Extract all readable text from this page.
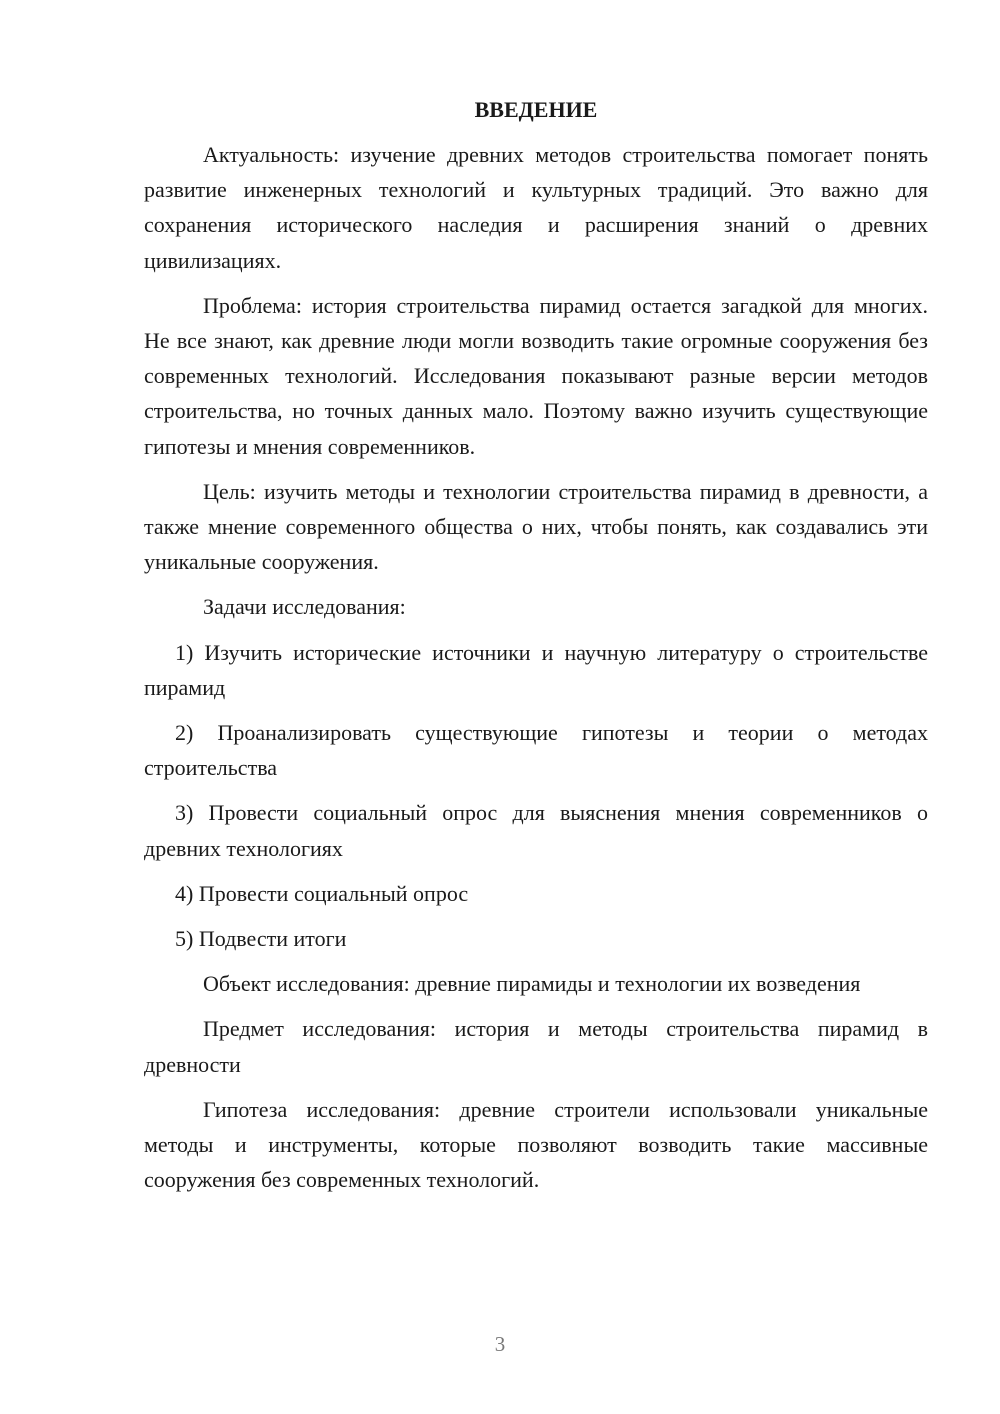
ВВЕДЕНИЕ

Актуальность: изучение древних методов строительства помогает понять развитие инженерных технологий и культурных традиций. Это важно для сохранения исторического наследия и расширения знаний о древних цивилизациях.

Проблема: история строительства пирамид остается загадкой для многих. Не все знают, как древние люди могли возводить такие огромные сооружения без современных технологий. Исследования показывают разные версии методов строительства, но точных данных мало. Поэтому важно изучить существующие гипотезы и мнения современников.

Цель: изучить методы и технологии строительства пирамид в древности, а также мнение современного общества о них, чтобы понять, как создавались эти уникальные сооружения.

Задачи исследования:

1) Изучить исторические источники и научную литературу о строительстве пирамид

2) Проанализировать существующие гипотезы и теории о методах строительства

3) Провести социальный опрос для выяснения мнения современников о древних технологиях

4) Провести социальный опрос

5) Подвести итоги

Объект исследования: древние пирамиды и технологии их возведения

Предмет исследования: история и методы строительства пирамид в древности

Гипотеза исследования: древние строители использовали уникальные методы и инструменты, которые позволяют возводить такие массивные сооружения без современных технологий.

3
